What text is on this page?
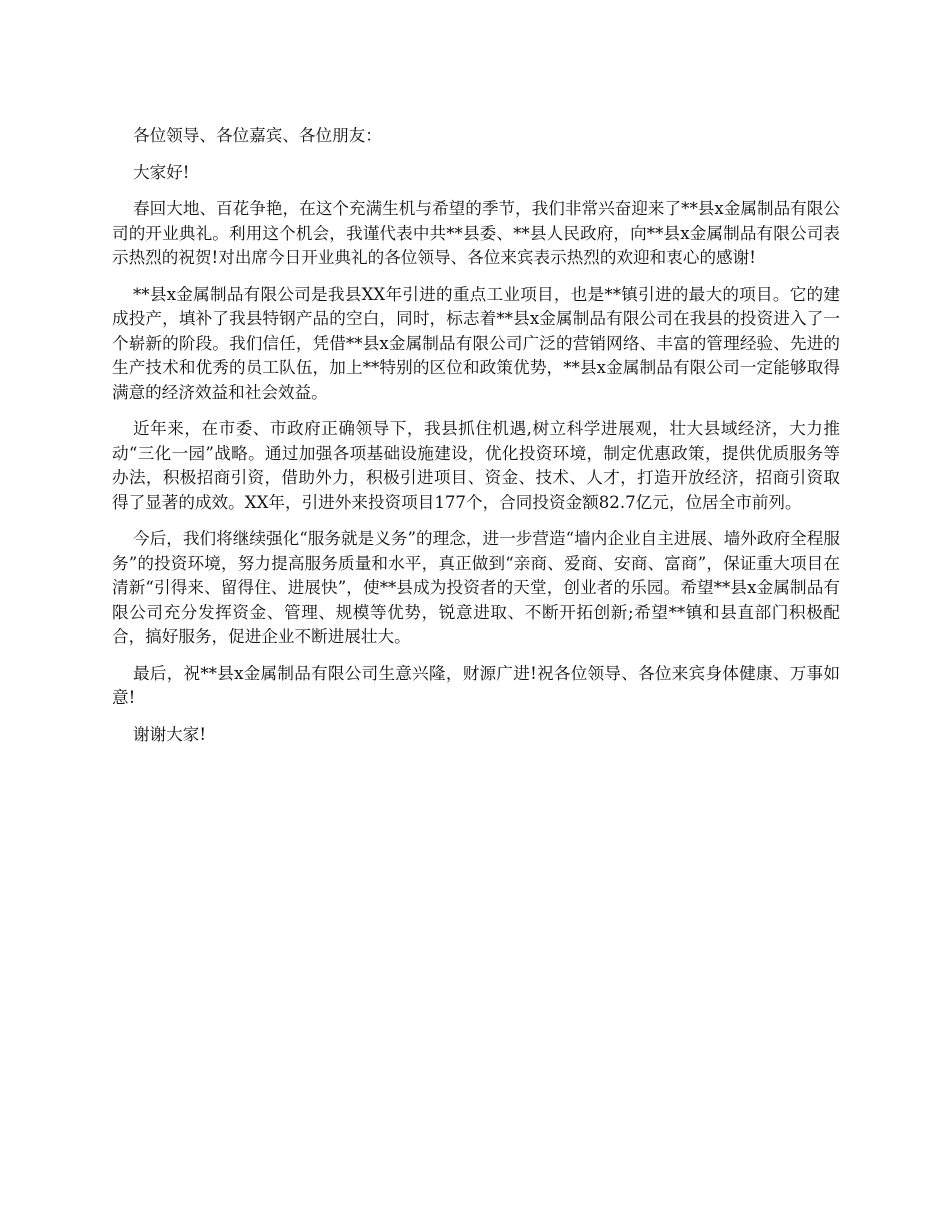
各位领导、各位嘉宾、各位朋友：

大家好!

春回大地、百花争艳，在这个充满生机与希望的季节，我们非常兴奋迎来了**县x金属制品有限公司的开业典礼。利用这个机会，我谨代表中共**县委、**县人民政府，向**县x金属制品有限公司表示热烈的祝贺!对出席今日开业典礼的各位领导、各位来宾表示热烈的欢迎和衷心的感谢!

**县x金属制品有限公司是我县XX年引进的重点工业项目，也是**镇引进的最大的项目。它的建成投产，填补了我县特钢产品的空白，同时，标志着**县x金属制品有限公司在我县的投资进入了一个崭新的阶段。我们信任，凭借**县x金属制品有限公司广泛的营销网络、丰富的管理经验、先进的生产技术和优秀的员工队伍，加上**特别的区位和政策优势，**县x金属制品有限公司一定能够取得满意的经济效益和社会效益。

近年来，在市委、市政府正确领导下，我县抓住机遇,树立科学进展观，壮大县域经济，大力推动“三化一园”战略。通过加强各项基础设施建设，优化投资环境，制定优惠政策，提供优质服务等办法，积极招商引资，借助外力，积极引进项目、资金、技术、人才，打造开放经济，招商引资取得了显著的成效。XX年，引进外来投资项目177个，合同投资金额82.7亿元，位居全市前列。

今后，我们将继续强化“服务就是义务”的理念，进一步营造“墙内企业自主进展、墙外政府全程服务”的投资环境，努力提高服务质量和水平，真正做到“亲商、爱商、安商、富商”，保证重大项目在清新“引得来、留得住、进展快”，使**县成为投资者的天堂，创业者的乐园。希望**县x金属制品有限公司充分发挥资金、管理、规模等优势，锐意进取、不断开拓创新;希望**镇和县直部门积极配合，搞好服务，促进企业不断进展壮大。

最后，祝**县x金属制品有限公司生意兴隆，财源广进!祝各位领导、各位来宾身体健康、万事如意!

谢谢大家!
